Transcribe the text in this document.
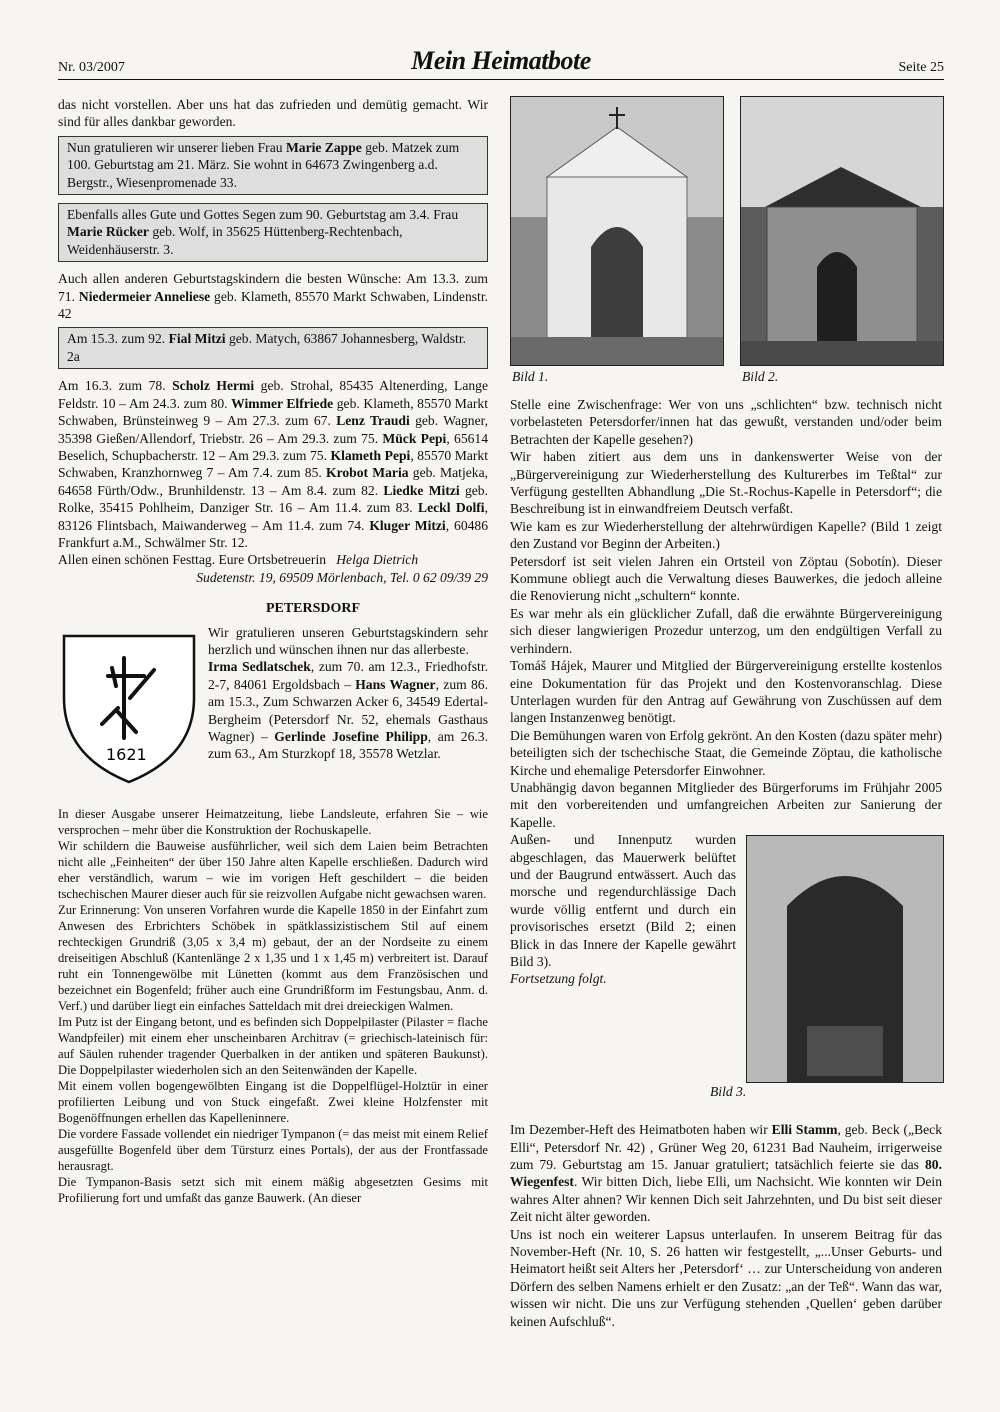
Nr. 03/2007	Mein Heimatbote	Seite 25

das nicht vorstellen. Aber uns hat das zufrieden und demütig gemacht. Wir sind für alles dankbar geworden.

Nun gratulieren wir unserer lieben Frau Marie Zappe geb. Matzek zum 100. Geburtstag am 21. März. Sie wohnt in 64673 Zwingenberg a.d. Bergstr., Wiesenpromenade 33.
Ebenfalls alles Gute und Gottes Segen zum 90. Geburtstag am 3.4. Frau Marie Rücker geb. Wolf, in 35625 Hüttenberg-Rechtenbach, Weidenhäuserstr. 3.

Auch allen anderen Geburtstagskindern die besten Wünsche: Am 13.3. zum 71. Niedermeier Anneliese geb. Klameth, 85570 Markt Schwaben, Lindenstr. 42

Am 15.3. zum 92. Fial Mitzi geb. Matych, 63867 Johannesberg, Waldstr. 2a

Am 16.3. zum 78. Scholz Hermi geb. Strohal, 85435 Altenerding, Lange Feldstr. 10 – Am 24.3. zum 80. Wimmer Elfriede geb. Klameth, 85570 Markt Schwaben, Brünsteinweg 9 – Am 27.3. zum 67. Lenz Traudi geb. Wagner, 35398 Gießen/Allendorf, Triebstr. 26 – Am 29.3. zum 75. Mück Pepi, 65614 Beselich, Schupbacherstr. 12 – Am 29.3. zum 75. Klameth Pepi, 85570 Markt Schwaben, Kranzhornweg 7 – Am 7.4. zum 85. Krobot Maria geb. Matjeka, 64658 Fürth/Odw., Brunhildenstr. 13 – Am 8.4. zum 82. Liedke Mitzi geb. Rolke, 35415 Pohlheim, Danziger Str. 16 – Am 11.4. zum 83. Leckl Dolfi, 83126 Flintsbach, Maiwanderweg – Am 11.4. zum 74. Kluger Mitzi, 60486 Frankfurt a.M., Schwälmer Str. 12.

Allen einen schönen Festtag. Eure Ortsbetreuerin Helga Dietrich

Sudetenstr. 19, 69509 Mörlenbach, Tel. 0 62 09/39 29

PETERSDORF
1621

Wir gratulieren unseren Geburtstagskindern sehr herzlich und wünschen ihnen nur das allerbeste.

Irma Sedlatschek, zum 70. am 12.3., Friedhofstr. 2-7, 84061 Ergoldsbach – Hans Wagner, zum 86. am 15.3., Zum Schwarzen Acker 6, 34549 Edertal-Bergheim (Petersdorf Nr. 52, ehemals Gasthaus Wagner) – Gerlinde Josefine Philipp, am 26.3. zum 63., Am Sturzkopf 18, 35578 Wetzlar.

In dieser Ausgabe unserer Heimatzeitung, liebe Landsleute, erfahren Sie – wie versprochen – mehr über die Konstruktion der Rochuskapelle.

Wir schildern die Bauweise ausführlicher, weil sich dem Laien beim Betrachten nicht alle „Feinheiten“ der über 150 Jahre alten Kapelle erschließen. Dadurch wird eher verständlich, warum – wie im vorigen Heft geschildert – die beiden tschechischen Maurer dieser auch für sie reizvollen Aufgabe nicht gewachsen waren.

Zur Erinnerung: Von unseren Vorfahren wurde die Kapelle 1850 in der Einfahrt zum Anwesen des Erbrichters Schöbek in spätklassizistischem Stil auf einem rechteckigen Grundriß (3,05 x 3,4 m) gebaut, der an der Nordseite zu einem dreiseitigen Abschluß (Kantenlänge 2 x 1,35 und 1 x 1,45 m) verbreitert ist. Darauf ruht ein Tonnengewölbe mit Lünetten (kommt aus dem Französischen und bezeichnet ein Bogenfeld; früher auch eine Grundrißform im Festungsbau, Anm. d. Verf.) und darüber liegt ein einfaches Satteldach mit drei dreieckigen Walmen.

Im Putz ist der Eingang betont, und es befinden sich Doppelpilaster (Pilaster = flache Wandpfeiler) mit einem eher unscheinbaren Architrav (= griechisch-lateinisch für: auf Säulen ruhender tragender Querbalken in der antiken und späteren Baukunst). Die Doppelpilaster wiederholen sich an den Seitenwänden der Kapelle.

Mit einem vollen bogengewölbten Eingang ist die Doppelflügel-Holztür in einer profilierten Leibung und von Stuck eingefaßt. Zwei kleine Holzfenster mit Bogenöffnungen erhellen das Kapelleninnere.

Die vordere Fassade vollendet ein niedriger Tympanon (= das meist mit einem Relief ausgefüllte Bogenfeld über dem Türsturz eines Portals), der aus der Frontfassade herausragt.

Die Tympanon-Basis setzt sich mit einem mäßig abgesetzten Gesims mit Profilierung fort und umfaßt das ganze Bauwerk. (An dieser

Bild 1.	Bild 2.

Stelle eine Zwischenfrage: Wer von uns „schlichten“ bzw. technisch nicht vorbelasteten Petersdorfer/innen hat das gewußt, verstanden und/oder beim Betrachten der Kapelle gesehen?)

Wir haben zitiert aus dem uns in dankenswerter Weise von der „Bürgervereinigung zur Wiederherstellung des Kulturerbes im Teßtal“ zur Verfügung gestellten Abhandlung „Die St.-Rochus-Kapelle in Petersdorf“; die Beschreibung ist in einwandfreiem Deutsch verfaßt.

Wie kam es zur Wiederherstellung der altehrwürdigen Kapelle? (Bild 1 zeigt den Zustand vor Beginn der Arbeiten.)

Petersdorf ist seit vielen Jahren ein Ortsteil von Zöptau (Sobotín). Dieser Kommune obliegt auch die Verwaltung dieses Bauwerkes, die jedoch alleine die Renovierung nicht „schultern“ konnte.

Es war mehr als ein glücklicher Zufall, daß die erwähnte Bürgervereinigung sich dieser langwierigen Prozedur unterzog, um den endgültigen Verfall zu verhindern.

Tomáš Hájek, Maurer und Mitglied der Bürgervereinigung erstellte kostenlos eine Dokumentation für das Projekt und den Kostenvoranschlag. Diese Unterlagen wurden für den Antrag auf Gewährung von Zuschüssen auf dem langen Instanzenweg benötigt.

Die Bemühungen waren von Erfolg gekrönt. An den Kosten (dazu später mehr) beteiligten sich der tschechische Staat, die Gemeinde Zöptau, die katholische Kirche und ehemalige Petersdorfer Einwohner.

Unabhängig davon begannen Mitglieder des Bürgerforums im Frühjahr 2005 mit den vorbereitenden und umfangreichen Arbeiten zur Sanierung der Kapelle.

Bild 3.

Außen- und Innenputz wurden abgeschlagen, das Mauerwerk belüftet und der Baugrund entwässert. Auch das morsche und regendurchlässige Dach wurde völlig entfernt und durch ein provisorisches ersetzt (Bild 2; einen Blick in das Innere der Kapelle gewährt Bild 3).

Fortsetzung folgt.

Im Dezember-Heft des Heimatboten haben wir Elli Stamm, geb. Beck („Beck Elli“, Petersdorf Nr. 42) , Grüner Weg 20, 61231 Bad Nauheim, irrigerweise zum 79. Geburtstag am 15. Januar gratuliert; tatsächlich feierte sie das 80. Wiegenfest. Wir bitten Dich, liebe Elli, um Nachsicht. Wie konnten wir Dein wahres Alter ahnen? Wir kennen Dich seit Jahrzehnten, und Du bist seit dieser Zeit nicht älter geworden.

Uns ist noch ein weiterer Lapsus unterlaufen. In unserem Beitrag für das November-Heft (Nr. 10, S. 26 hatten wir festgestellt, „...Unser Geburts- und Heimatort heißt seit Alters her ‚Petersdorf‘ … zur Unterscheidung von anderen Dörfern des selben Namens erhielt er den Zusatz: „an der Teß“. Wann das war, wissen wir nicht. Die uns zur Verfügung stehenden ‚Quellen‘ geben darüber keinen Aufschluß“.
